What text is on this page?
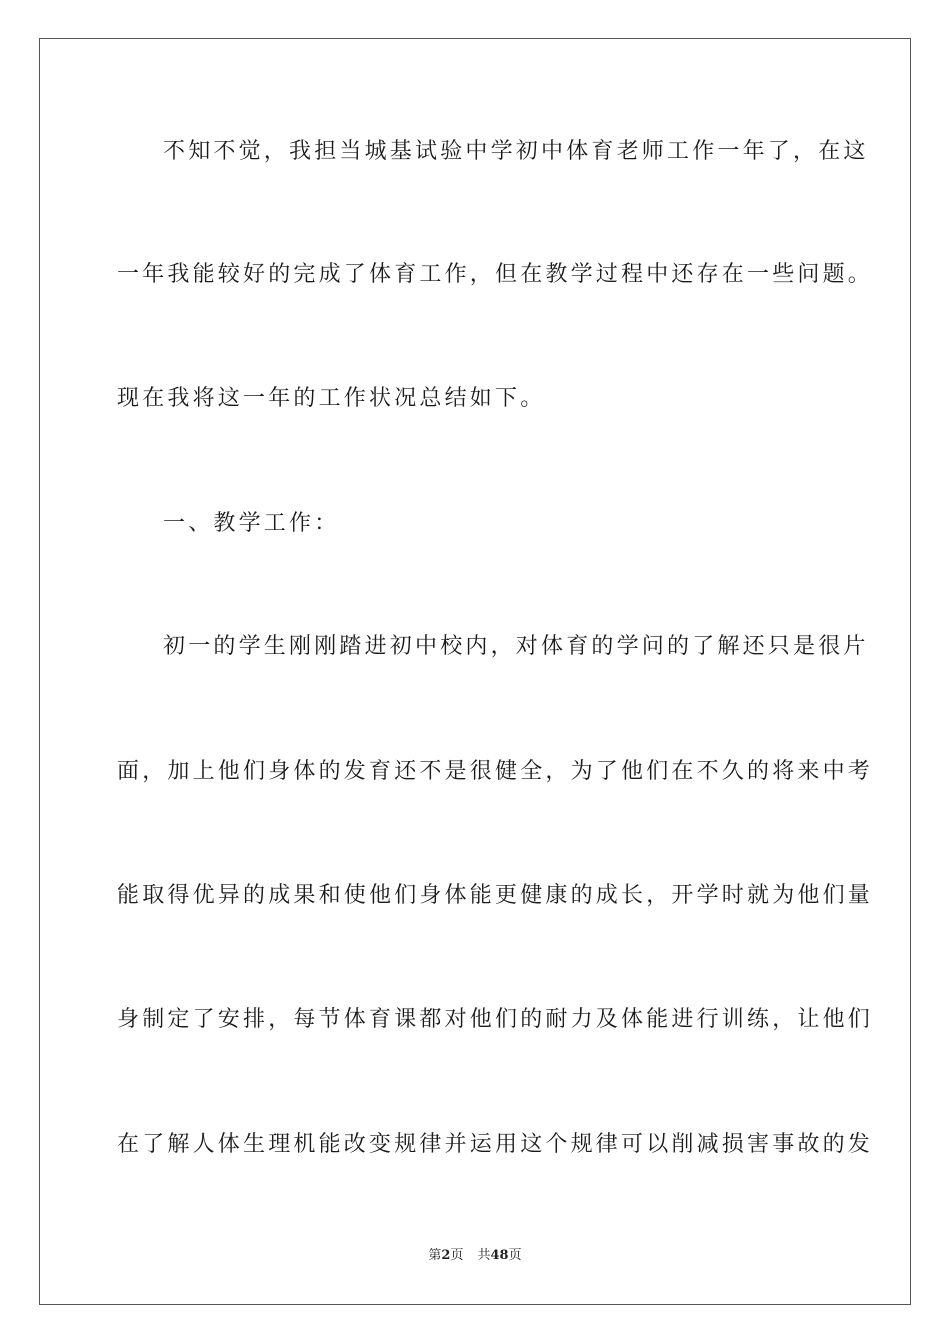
不知不觉，我担当城基试验中学初中体育老师工作一年了，在这
一年我能较好的完成了体育工作，但在教学过程中还存在一些问题。
现在我将这一年的工作状况总结如下。
一、教学工作：
初一的学生刚刚踏进初中校内，对体育的学问的了解还只是很片
面，加上他们身体的发育还不是很健全，为了他们在不久的将来中考
能取得优异的成果和使他们身体能更健康的成长，开学时就为他们量
身制定了安排，每节体育课都对他们的耐力及体能进行训练，让他们
在了解人体生理机能改变规律并运用这个规律可以削减损害事故的发
第2页 共48页
